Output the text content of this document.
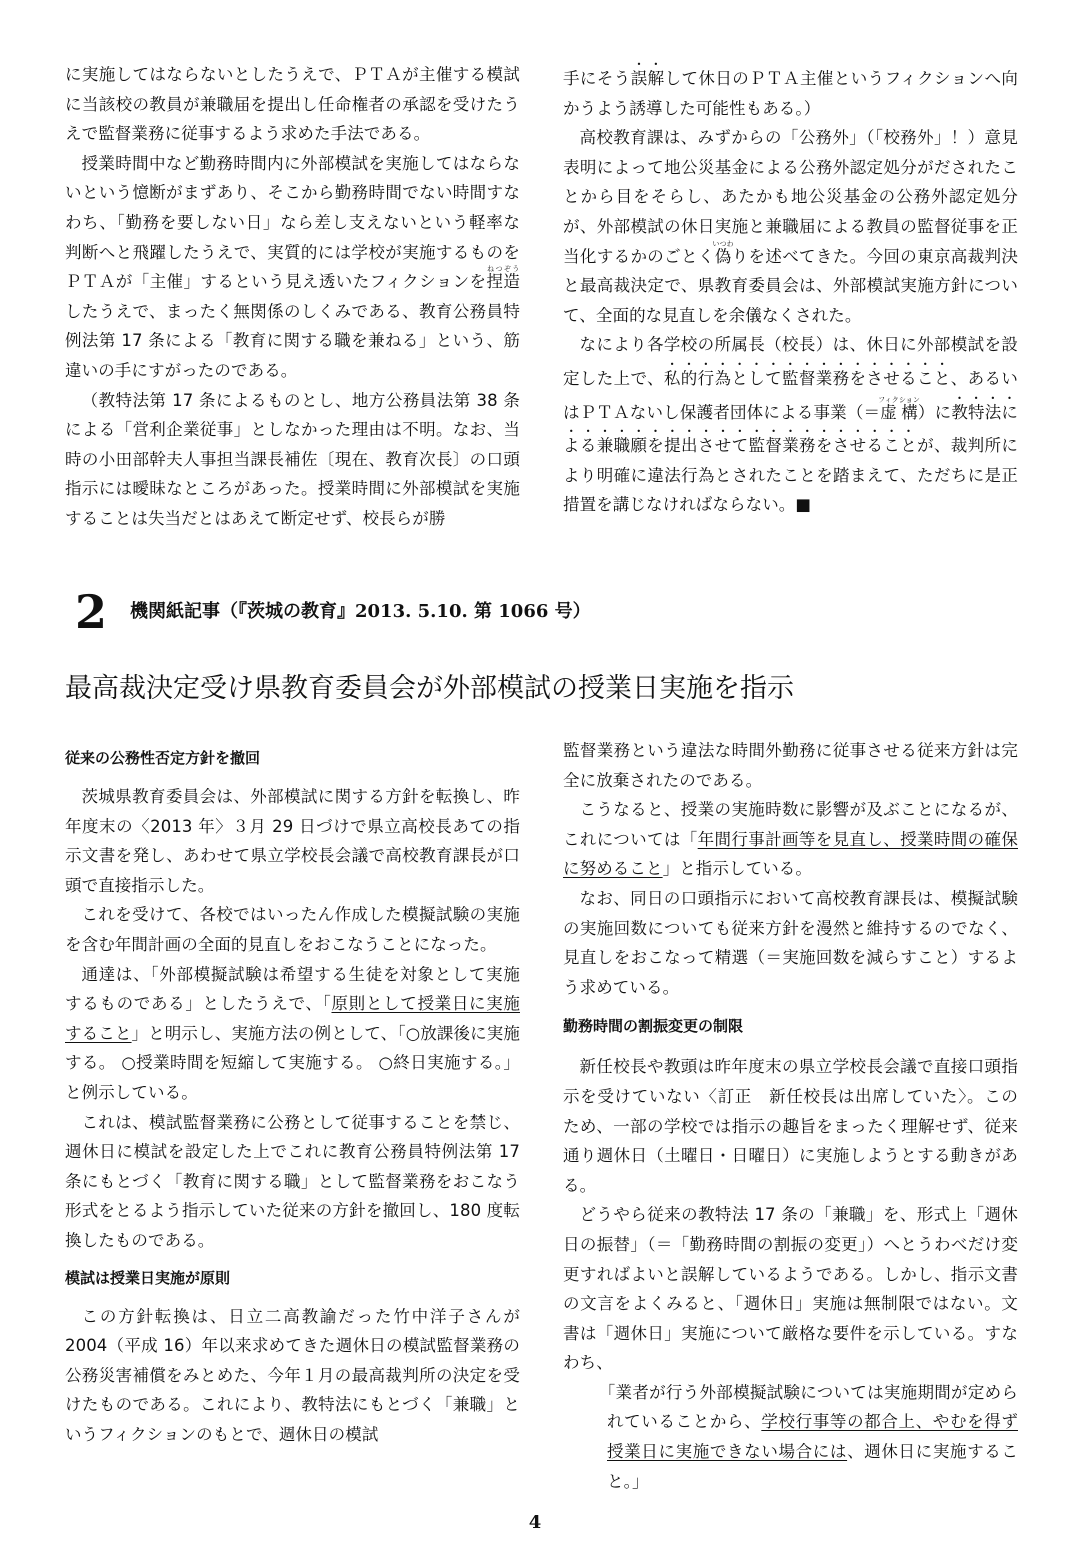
に実施してはならないとしたうえで、ＰＴＡが主催する模試に当該校の教員が兼職届を提出し任命権者の承認を受けたうえで監督業務に従事するよう求めた手法である。

授業時間中など勤務時間内に外部模試を実施してはならないという憶断がまずあり、そこから勤務時間でない時間すなわち、「勤務を要しない日」なら差し支えないという軽率な判断へと飛躍したうえで、実質的には学校が実施するものをＰＴＡが「主催」するという見え透いたフィクションを捏造ねつぞうしたうえで、まったく無関係のしくみである、教育公務員特例法第 17 条による「教育に関する職を兼ねる」という、筋違いの手にすがったのである。

（教特法第 17 条によるものとし、地方公務員法第 38 条による「営利企業従事」としなかった理由は不明。なお、当時の小田部幹夫人事担当課長補佐〔現在、教育次長〕の口頭指示には曖昧なところがあった。授業時間に外部模試を実施することは失当だとはあえて断定せず、校長らが勝

手にそう誤解して休日のＰＴＡ主催というフィクションへ向かうよう誘導した可能性もある。）

高校教育課は、みずからの「公務外」（「校務外」！）意見表明によって地公災基金による公務外認定処分がだされたことから目をそらし、あたかも地公災基金の公務外認定処分が、外部模試の休日実施と兼職届による教員の監督従事を正当化するかのごとく偽いつわりを述べてきた。今回の東京高裁判決と最高裁決定で、県教育委員会は、外部模試実施方針について、全面的な見直しを余儀なくされた。

なにより各学校の所属長（校長）は、休日に外部模試を設定した上で、私的行為として監督業務をさせること、あるいはＰＴＡないし保護者団体による事業（＝虚構フィクション）に教特法による兼職願を提出させて監督業務をさせることが、裁判所により明確に違法行為とされたことを踏まえて、ただちに是正措置を講じなければならない。■

2 機関紙記事（『茨城の教育』2013. 5.10. 第 1066 号）
最高裁決定受け県教育委員会が外部模試の授業日実施を指示
従来の公務性否定方針を撤回

茨城県教育委員会は、外部模試に関する方針を転換し、昨年度末の〈2013 年〉３月 29 日づけで県立高校長あての指示文書を発し、あわせて県立学校長会議で高校教育課長が口頭で直接指示した。

これを受けて、各校ではいったん作成した模擬試験の実施を含む年間計画の全面的見直しをおこなうことになった。

通達は、「外部模擬試験は希望する生徒を対象として実施するものである」としたうえで、「原則として授業日に実施すること」と明示し、実施方法の例として、「○放課後に実施する。 ○授業時間を短縮して実施する。 ○終日実施する。」と例示している。

これは、模試監督業務に公務として従事することを禁じ、週休日に模試を設定した上でこれに教育公務員特例法第 17 条にもとづく「教育に関する職」として監督業務をおこなう形式をとるよう指示していた従来の方針を撤回し、180 度転換したものである。

模試は授業日実施が原則

この方針転換は、日立二高教諭だった竹中洋子さんが 2004（平成 16）年以来求めてきた週休日の模試監督業務の公務災害補償をみとめた、今年１月の最高裁判所の決定を受けたものである。これにより、教特法にもとづく「兼職」というフィクションのもとで、週休日の模試

監督業務という違法な時間外勤務に従事させる従来方針は完全に放棄されたのである。

こうなると、授業の実施時数に影響が及ぶことになるが、これについては「年間行事計画等を見直し、授業時間の確保に努めること」と指示している。

なお、同日の口頭指示において高校教育課長は、模擬試験の実施回数についても従来方針を漫然と維持するのでなく、見直しをおこなって精選（＝実施回数を減らすこと）するよう求めている。

勤務時間の割振変更の制限

新任校長や教頭は昨年度末の県立学校長会議で直接口頭指示を受けていない〈訂正　新任校長は出席していた〉。このため、一部の学校では指示の趣旨をまったく理解せず、従来通り週休日（土曜日・日曜日）に実施しようとする動きがある。

どうやら従来の教特法 17 条の「兼職」を、形式上「週休日の振替」（＝「勤務時間の割振の変更」）へとうわべだけ変更すればよいと誤解しているようである。しかし、指示文書の文言をよくみると、「週休日」実施は無制限ではない。文書は「週休日」実施について厳格な要件を示している。すなわち、

「業者が行う外部模擬試験については実施期間が定められていることから、学校行事等の都合上、やむを得ず授業日に実施できない場合には、週休日に実施すること。」

4
